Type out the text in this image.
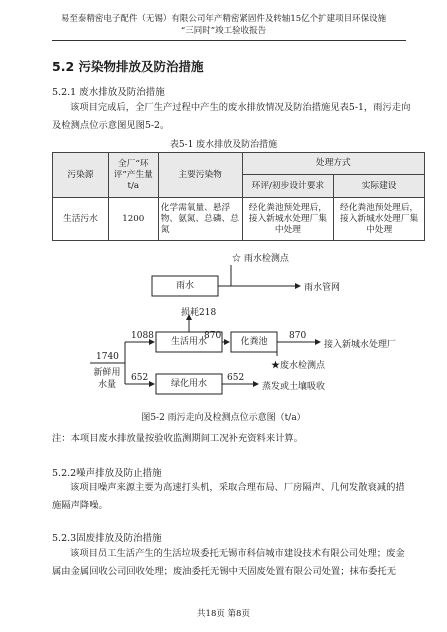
易至泰精密电子配件（无锡）有限公司年产精密紧固件及转轴15亿个扩建项目环保设施
“三同时”竣工验收报告
5.2 污染物排放及防治措施
5.2.1 废水排放及防治措施
该项目完成后，全厂生产过程中产生的废水排放情况及防治措施见表5-1，雨污走向
及检测点位示意图见图5-2。
表5-1 废水排放及防治措施
污染源	全厂“环评”产生量t/a	主要污染物	处理方式	
			环评/初步设计要求	实际建设
生活污水	1200	化学需氧量、悬浮物、氨氮、总磷、总氮	经化粪池预处理后，接入新城水处理厂集中处理	经化粪池预处理后，接入新城水处理厂集中处理
☆ 雨水检测点
雨水	雨水管网
损耗218
1088
生活用水
870
化粪池
870
接入新城水处理厂
★废水检测点
1740
新鲜用水量
652
绿化用水
652
蒸发或土壤吸收
图5-2 雨污走向及检测点位示意图（t/a）
注：本项目废水排放量按验收监测期间工况补充资料来计算。
5.2.2噪声排放及防止措施
该项目噪声来源主要为高速打头机，采取合理布局、厂房隔声、几何发散衰减的措
施隔声降噪。
5.2.3固废排放及防治措施
该项目员工生活产生的生活垃圾委托无锡市科信城市建设技术有限公司处理；废金
属由金属回收公司回收处理；废油委托无锡中天固废处置有限公司处置；抹布委托无
共18页 第8页
